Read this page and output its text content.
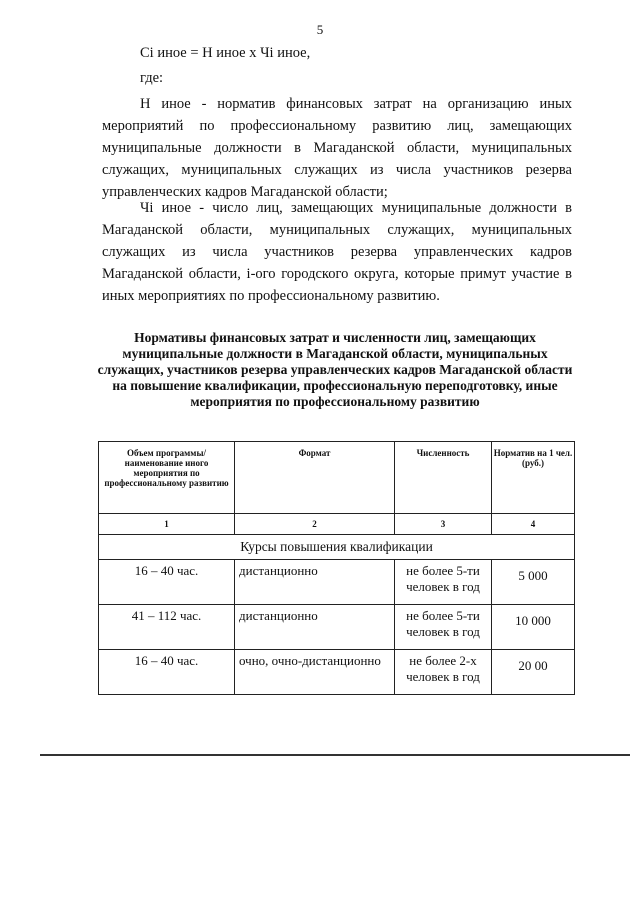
5
Сi иное = Н иное х Чi иное,
где:

Н иное - норматив финансовых затрат на организацию иных мероприятий по профессиональному развитию лиц, замещающих муниципальные должности в Магаданской области, муниципальных служащих, муниципальных служащих из числа участников резерва управленческих кадров Магаданской области;

Чi иное - число лиц, замещающих муниципальные должности в Магаданской области, муниципальных служащих, муниципальных служащих из числа участников резерва управленческих кадров Магаданской области, i-ого городского округа, которые примут участие в иных мероприятиях по профессиональному развитию.

Нормативы финансовых затрат и численности лиц, замещающих муниципальные должности в Магаданской области, муниципальных служащих, участников резерва управленческих кадров Магаданской области на повышение квалификации, профессиональную переподготовку, иные мероприятия по профессиональному развитию

Объем программы/наименование иного мероприятия по профессиональному развитию	Формат	Численность	Норматив на 1 чел. (руб.)
1	2	3	4
Курсы повышения квалификации			
16 – 40 час.	дистанционно	не более 5-ти человек в год	5 000
41 – 112 час.	дистанционно	не более 5-ти человек в год	10 000
16 – 40 час.	очно, очно-дистанционно	не более 2-х человек в год	20 00
